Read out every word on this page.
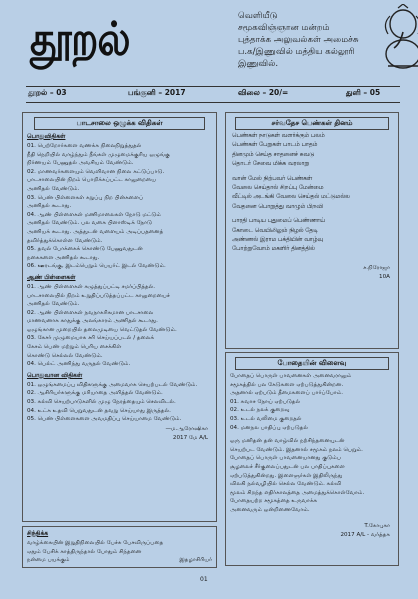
தூறல்	வெளியீடு
சமூகவிஞ்ஞான மன்றம்
புத்தாக்க அலுவல்கள் அமைச்சு
ப.க/இணுவில் மத்திய கல்லூரி
இணுவில்.
தூறல் – 03	பங்குனி – 2017	விலை – 20/=	துளி – 05
பாடசாலை ஒழுக்க விதிகள்
பொதுவிதிகள்
01. பெற்றோர்களை வணக்க நிலைநிறுத்துதல்
நீதி நெறியில் வாழ்ந்தும் நீங்கள் முழுமைக்குரிய ஒழுங்கு
நிர்ணயம் பேணுதல் அவசியம் வேண்டும்.
02. மாணவர்களையும் வெளிவான நிலை கட்டுப்பாடு.
பாடசாலையின் நிறம் பொறிக்கப்பட்ட காலுறையை
அணிதல் வேண்டும்.
03. பெண் பிள்ளைகள் கறுப்பு நிற பின்களைப்
அணிதல் கூடாது.
04. ஆண் பிள்ளைகள் மணிமாலைகள் நோடு மட்டும்
அணிதல் வேண்டும். பல வகை பிளாஸ்டிக் நோடு
அணியக் கூடாது. அத்துடன் வளையம் அடிப்பதனைத்
தவிர்த்துக்கொள்ள வேண்டும்.
05. தவல் போக்கைக் கொண்டு பேணுவதுடன்
நகைகளை அணிதல் கூடாது.
06. ஊரடங்கு, இடம்பெறும் பெயர்ட் இடல் வேண்டும்.
ஆண் பிள்ளைகள்
01. ஆண் பிள்ளைகள் கழுத்துப்பட்டி சமர்ப்பித்தல்.
பாடசாலையில் நிறம் உறுதிப்படுத்தப்பட்ட காலுறையைச்
அணிதல் வேண்டும்.
02. ஆண் பிள்ளைகள் நவநாகரிகமான பாடசாலை
மாணவனாக காதுக்கு அலங்காரம் அணிதல் கூடாது.
ஒழுங்கான முறையில் தலைமுடியை வெட்டுதல் வேண்டும்.
03. கேசர் முழுமையாக சரி செய்யப்படல் / தலைக்
கேசம் பெண் மற்றும் பெரிய சைக்கிள்
கொண்டு செல்லல் வேண்டும்.
04. பெல்ட் அணிந்து வருதல் வேண்டும்.
பொதுவான விதிகள்
01. ஒழுங்கமைப்பு விதிகளுக்கு அமைவாக செயற்படல் வேண்டும்.
02. ஆசிரியர்களுக்கு மரியாதை அளித்தல் வேண்டும்.
03. கல்வி செயற்பாடுகளில் முழு நேரத்தையும் செலவிடல்.
04. உட்சு உதவி பெறுவதுடன் தவறு செய்யாது இருத்தல்.
05. பெண் பிள்ளைகளை அவமதிப்பு செய்யாமை வேண்டும்.
—ம.ஆரோஷிகா
2017 மே A/L
சிந்திக்க
வாழ்க்கையின் இறுதிநிலையில் பேச்சு பேசவிருப்பதை
ஏதும் பேசிக் காத்திருந்தால் போதும் சிந்தனை
நன்மை பயக்கும்	இதழாசிரியர்
சர்வதேச பெண்கள் தினம்
பெண்கள் நாடுகள் வளர்க்கும் பலம்
பெண்கள் பேறுகள் பாடம் பாதம்
தினமும் செய்த சாதனைச் சுவடு
தொடர் சேவை மிக்க வரலாறு
வான் மேல் நிற்பவர் பெண்கள்
வேலை செய்தால் சிறப்பு மேன்மை
வீட்டில் அடங்கி வேலை செய்தல் மட்டுமல்ல
வேதனை பொறுத்து வாழும் பிறவி
பாரதி பாடிய புதுமைப் பெண்ணாய்
கோடை வெயிலிலும் நிழல் தேடி
அண்ணல் இராம பக்தியின் வாழ்வு
போற்றுவோம் மகளிர் தினத்தில்
ச.நிரோஜா
10A
போதையின் விளைவு
போதைப் பொருள் பாவனைகள் அனைவராலும்
சமூகத்தில் பல கேடுகளை ஏற்படுத்துகின்றன.
அதனால் ஏற்படும் தீமைகளைப் பார்ப்போம்.
01. சுவாச நோய் ஏற்படுதல்
02. உடல் நலக் குறைவு
03. உடல் வலிமை குறைதல்
04. மனநல பாதிப்பு ஏற்படுதல்
ஒரு மனிதன் தன் வாழ்வில் நற்சிந்தனையுடன்
செயற்பட வேண்டும். இதனால் சமூகம் நலம் பெறும்.
போதைப் பொருள் பாவனையானது குடும்ப
சூழலைச் சீர்குலைப்பதுடன் பல பாதிப்புகளை
ஏற்படுத்துகின்றது. இளைஞர்கள் இதிலிருந்து
விலகி நல்வழியில் செல்ல வேண்டும். கல்வி
மூலம் சிறந்த எதிர்காலத்தை அமைத்துக்கொள்வோம்.
போதையற்ற சமூகத்தை உருவாக்க
அனைவரும் ஒன்றிணைவோம்.
T.கோபுகா
2017 A/L - வர்த்தக
01
